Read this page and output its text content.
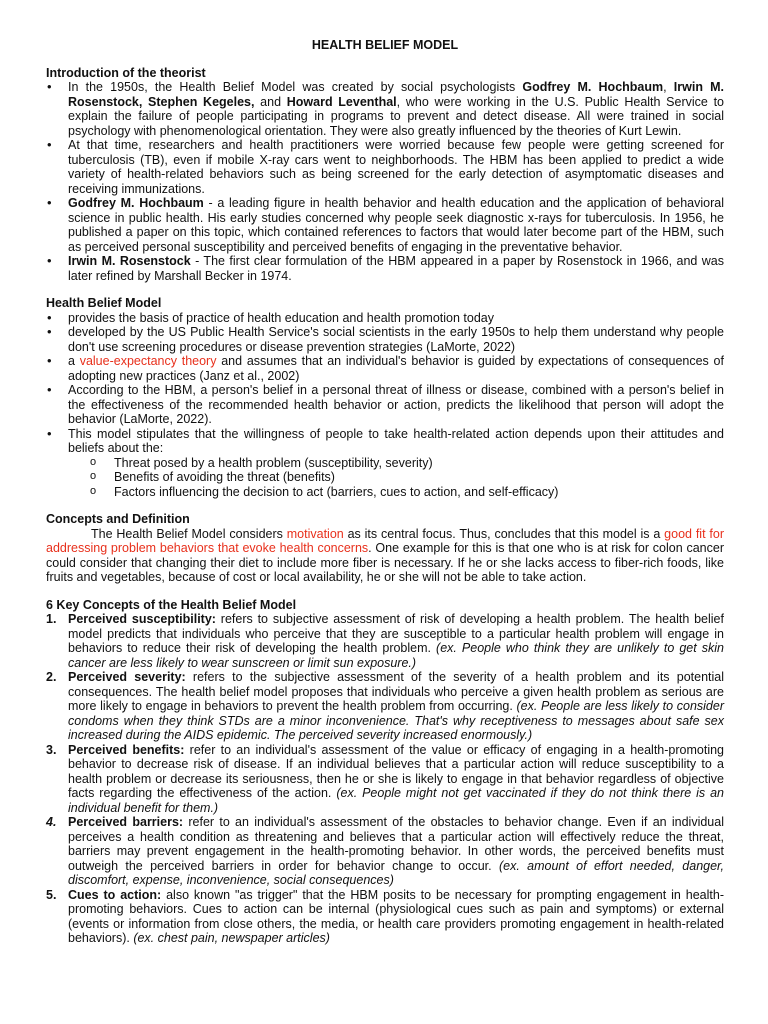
HEALTH BELIEF MODEL
Introduction of the theorist
• In the 1950s, the Health Belief Model was created by social psychologists Godfrey M. Hochbaum, Irwin M. Rosenstock, Stephen Kegeles, and Howard Leventhal, who were working in the U.S. Public Health Service to explain the failure of people participating in programs to prevent and detect disease. All were trained in social psychology with phenomenological orientation. They were also greatly influenced by the theories of Kurt Lewin.
• At that time, researchers and health practitioners were worried because few people were getting screened for tuberculosis (TB), even if mobile X-ray cars went to neighborhoods. The HBM has been applied to predict a wide variety of health-related behaviors such as being screened for the early detection of asymptomatic diseases and receiving immunizations.
• Godfrey M. Hochbaum - a leading figure in health behavior and health education and the application of behavioral science in public health. His early studies concerned why people seek diagnostic x-rays for tuberculosis. In 1956, he published a paper on this topic, which contained references to factors that would later become part of the HBM, such as perceived personal susceptibility and perceived benefits of engaging in the preventative behavior.
• Irwin M. Rosenstock - The first clear formulation of the HBM appeared in a paper by Rosenstock in 1966, and was later refined by Marshall Becker in 1974.
Health Belief Model
• provides the basis of practice of health education and health promotion today
• developed by the US Public Health Service's social scientists in the early 1950s to help them understand why people don't use screening procedures or disease prevention strategies (LaMorte, 2022)
• a value-expectancy theory and assumes that an individual's behavior is guided by expectations of consequences of adopting new practices (Janz et al., 2002)
• According to the HBM, a person's belief in a personal threat of illness or disease, combined with a person's belief in the effectiveness of the recommended health behavior or action, predicts the likelihood that person will adopt the behavior (LaMorte, 2022).
• This model stipulates that the willingness of people to take health-related action depends upon their attitudes and beliefs about the:
o Threat posed by a health problem (susceptibility, severity)
o Benefits of avoiding the threat (benefits)
o Factors influencing the decision to act (barriers, cues to action, and self-efficacy)
Concepts and Definition

The Health Belief Model considers motivation as its central focus. Thus, concludes that this model is a good fit for addressing problem behaviors that evoke health concerns. One example for this is that one who is at risk for colon cancer could consider that changing their diet to include more fiber is necessary. If he or she lacks access to fiber-rich foods, like fruits and vegetables, because of cost or local availability, he or she will not be able to take action.

6 Key Concepts of the Health Belief Model
1. Perceived susceptibility: refers to subjective assessment of risk of developing a health problem. The health belief model predicts that individuals who perceive that they are susceptible to a particular health problem will engage in behaviors to reduce their risk of developing the health problem. (ex. People who think they are unlikely to get skin cancer are less likely to wear sunscreen or limit sun exposure.)
2. Perceived severity: refers to the subjective assessment of the severity of a health problem and its potential consequences. The health belief model proposes that individuals who perceive a given health problem as serious are more likely to engage in behaviors to prevent the health problem from occurring. (ex. People are less likely to consider condoms when they think STDs are a minor inconvenience. That's why receptiveness to messages about safe sex increased during the AIDS epidemic. The perceived severity increased enormously.)
3. Perceived benefits: refer to an individual's assessment of the value or efficacy of engaging in a health-promoting behavior to decrease risk of disease. If an individual believes that a particular action will reduce susceptibility to a health problem or decrease its seriousness, then he or she is likely to engage in that behavior regardless of objective facts regarding the effectiveness of the action. (ex. People might not get vaccinated if they do not think there is an individual benefit for them.)
4. Perceived barriers: refer to an individual's assessment of the obstacles to behavior change. Even if an individual perceives a health condition as threatening and believes that a particular action will effectively reduce the threat, barriers may prevent engagement in the health-promoting behavior. In other words, the perceived benefits must outweigh the perceived barriers in order for behavior change to occur. (ex. amount of effort needed, danger, discomfort, expense, inconvenience, social consequences)
5. Cues to action: also known "as trigger" that the HBM posits to be necessary for prompting engagement in health-promoting behaviors. Cues to action can be internal (physiological cues such as pain and symptoms) or external (events or information from close others, the media, or health care providers promoting engagement in health-related behaviors). (ex. chest pain, newspaper articles)
